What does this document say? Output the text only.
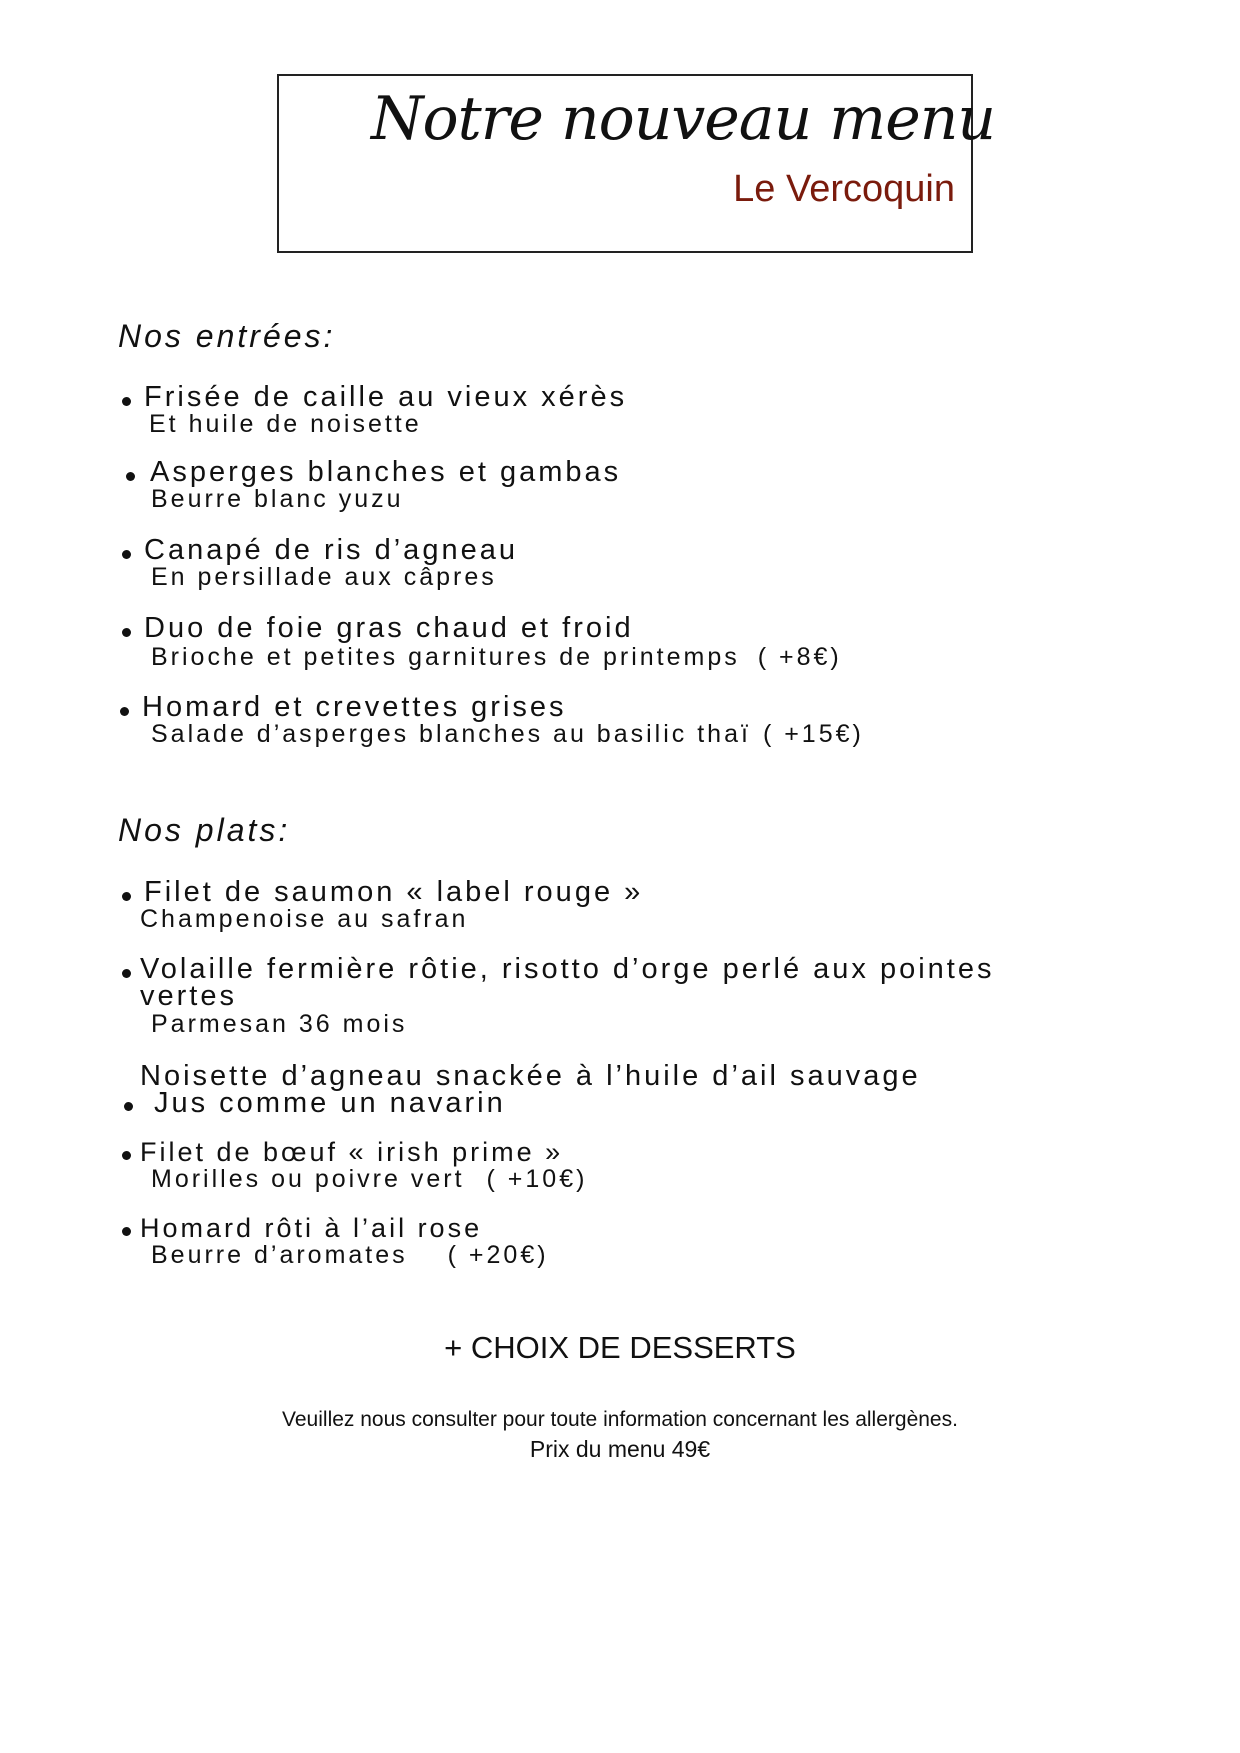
Notre nouveau menu
Le Vercoquin
Nos entrées:
Frisée de caille au vieux xérès
Et huile de noisette
Asperges blanches et gambas
Beurre blanc yuzu
Canapé de ris d’agneau
En persillade aux câpres
Duo de foie gras chaud et froid
Brioche et petites garnitures de printemps ( +8€)
Homard et crevettes grises
Salade d’asperges blanches au basilic thaï ( +15€)
Nos plats:
Filet de saumon « label rouge »
Champenoise au safran
Volaille fermière rôtie, risotto d’orge perlé aux pointes
vertes
Parmesan 36 mois
Noisette d’agneau snackée à l’huile d’ail sauvage
Jus comme un navarin
Filet de bœuf « irish prime »
Morilles ou poivre vert ( +10€)
Homard rôti à l’ail rose
Beurre d’aromates ( +20€)
+ CHOIX DE DESSERTS
Veuillez nous consulter pour toute information concernant les allergènes.
Prix du menu 49€
